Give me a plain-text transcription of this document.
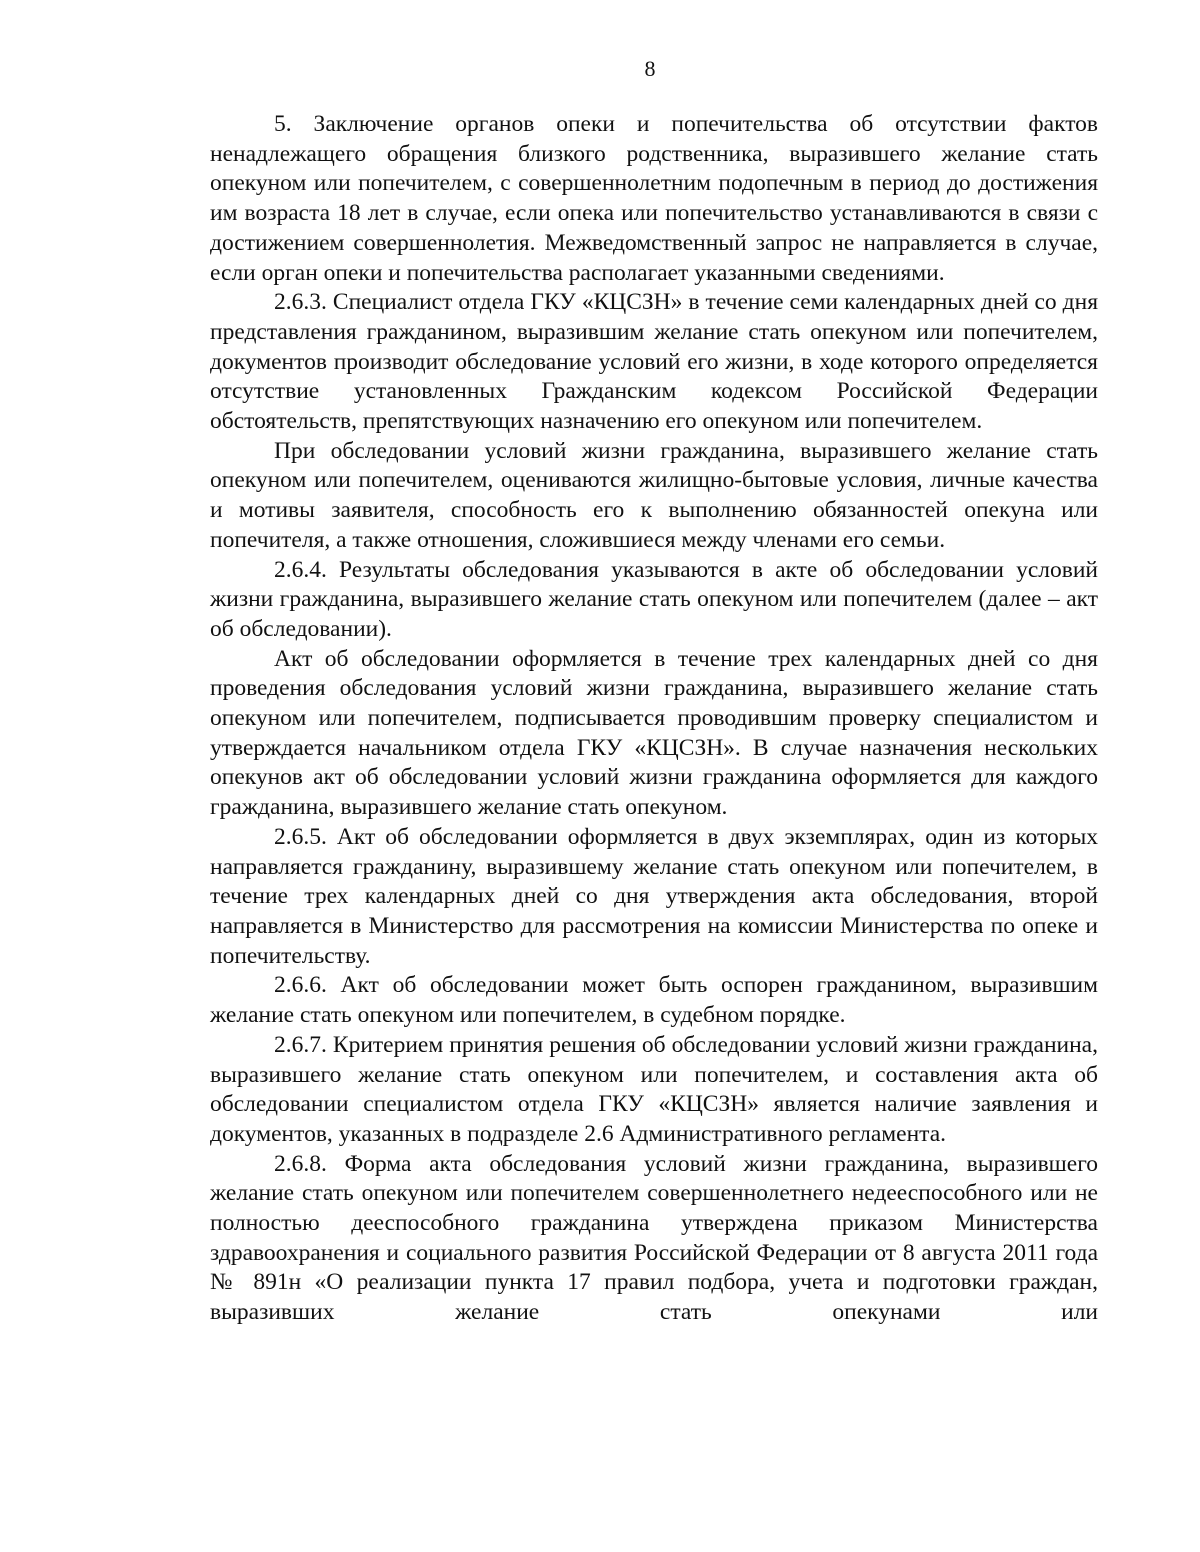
8

5. Заключение органов опеки и попечительства об отсутствии фактов ненадлежащего обращения близкого родственника, выразившего желание стать опекуном или попечителем, с совершеннолетним подопечным в период до достижения им возраста 18 лет в случае, если опека или попечительство устанавливаются в связи с достижением совершеннолетия. Межведомственный запрос не направляется в случае, если орган опеки и попечительства располагает указанными сведениями.

2.6.3. Специалист отдела ГКУ «КЦСЗН» в течение семи календарных дней со дня представления гражданином, выразившим желание стать опекуном или попечителем, документов производит обследование условий его жизни, в ходе которого определяется отсутствие установленных Гражданским кодексом Российской Федерации обстоятельств, препятствующих назначению его опекуном или попечителем.

При обследовании условий жизни гражданина, выразившего желание стать опекуном или попечителем, оцениваются жилищно-бытовые условия, личные качества и мотивы заявителя, способность его к выполнению обязанностей опекуна или попечителя, а также отношения, сложившиеся между членами его семьи.

2.6.4. Результаты обследования указываются в акте об обследовании условий жизни гражданина, выразившего желание стать опекуном или попечителем (далее – акт об обследовании).

Акт об обследовании оформляется в течение трех календарных дней со дня проведения обследования условий жизни гражданина, выразившего желание стать опекуном или попечителем, подписывается проводившим проверку специалистом и утверждается начальником отдела ГКУ «КЦСЗН». В случае назначения нескольких опекунов акт об обследовании условий жизни гражданина оформляется для каждого гражданина, выразившего желание стать опекуном.

2.6.5. Акт об обследовании оформляется в двух экземплярах, один из которых направляется гражданину, выразившему желание стать опекуном или попечителем, в течение трех календарных дней со дня утверждения акта обследования, второй направляется в Министерство для рассмотрения на комиссии Министерства по опеке и попечительству.

2.6.6. Акт об обследовании может быть оспорен гражданином, выразившим желание стать опекуном или попечителем, в судебном порядке.

2.6.7. Критерием принятия решения об обследовании условий жизни гражданина, выразившего желание стать опекуном или попечителем, и составления акта об обследовании специалистом отдела ГКУ «КЦСЗН» является наличие заявления и документов, указанных в подразделе 2.6 Административного регламента.

2.6.8. Форма акта обследования условий жизни гражданина, выразившего желание стать опекуном или попечителем совершеннолетнего недееспособного или не полностью дееспособного гражданина утверждена приказом Министерства здравоохранения и социального развития Российской Федерации от 8 августа 2011 года № 891н «О реализации пункта 17 правил подбора, учета и подготовки граждан, выразивших желание стать опекунами или
